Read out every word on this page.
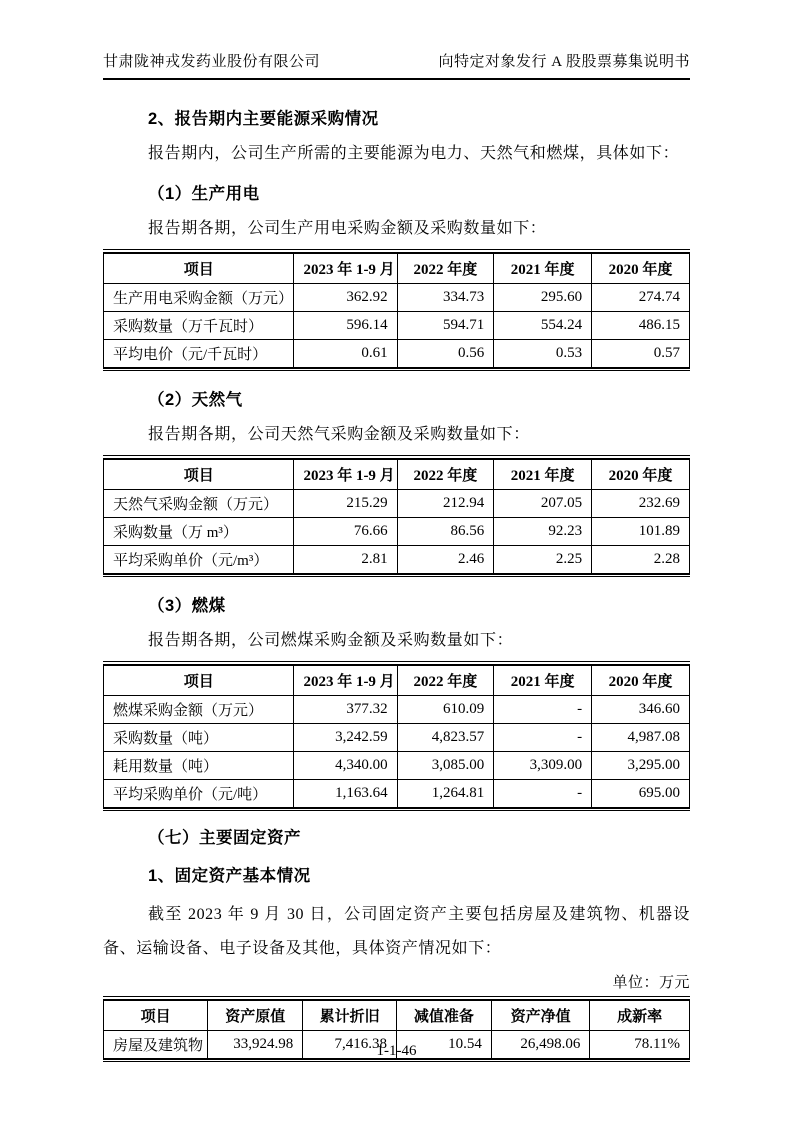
甘肃陇神戎发药业股份有限公司	向特定对象发行 A 股股票募集说明书
2、报告期内主要能源采购情况

报告期内，公司生产所需的主要能源为电力、天然气和燃煤，具体如下：

（1）生产用电

报告期各期，公司生产用电采购金额及采购数量如下：

项目	2023 年 1-9 月	2022 年度	2021 年度	2020 年度
生产用电采购金额（万元）	362.92	334.73	295.60	274.74
采购数量（万千瓦时）	596.14	594.71	554.24	486.15
平均电价（元/千瓦时）	0.61	0.56	0.53	0.57
（2）天然气

报告期各期，公司天然气采购金额及采购数量如下：

项目	2023 年 1-9 月	2022 年度	2021 年度	2020 年度
天然气采购金额（万元）	215.29	212.94	207.05	232.69
采购数量（万 m³）	76.66	86.56	92.23	101.89
平均采购单价（元/m³）	2.81	2.46	2.25	2.28
（3）燃煤

报告期各期，公司燃煤采购金额及采购数量如下：

项目	2023 年 1-9 月	2022 年度	2021 年度	2020 年度
燃煤采购金额（万元）	377.32	610.09	-	346.60
采购数量（吨）	3,242.59	4,823.57	-	4,987.08
耗用数量（吨）	4,340.00	3,085.00	3,309.00	3,295.00
平均采购单价（元/吨）	1,163.64	1,264.81	-	695.00
（七）主要固定资产
1、固定资产基本情况

截至 2023 年 9 月 30 日，公司固定资产主要包括房屋及建筑物、机器设备、运输设备、电子设备及其他，具体资产情况如下：

单位：万元
项目	资产原值	累计折旧	减值准备	资产净值	成新率
房屋及建筑物	33,924.98	7,416.38	10.54	26,498.06	78.11%
1-1-46
